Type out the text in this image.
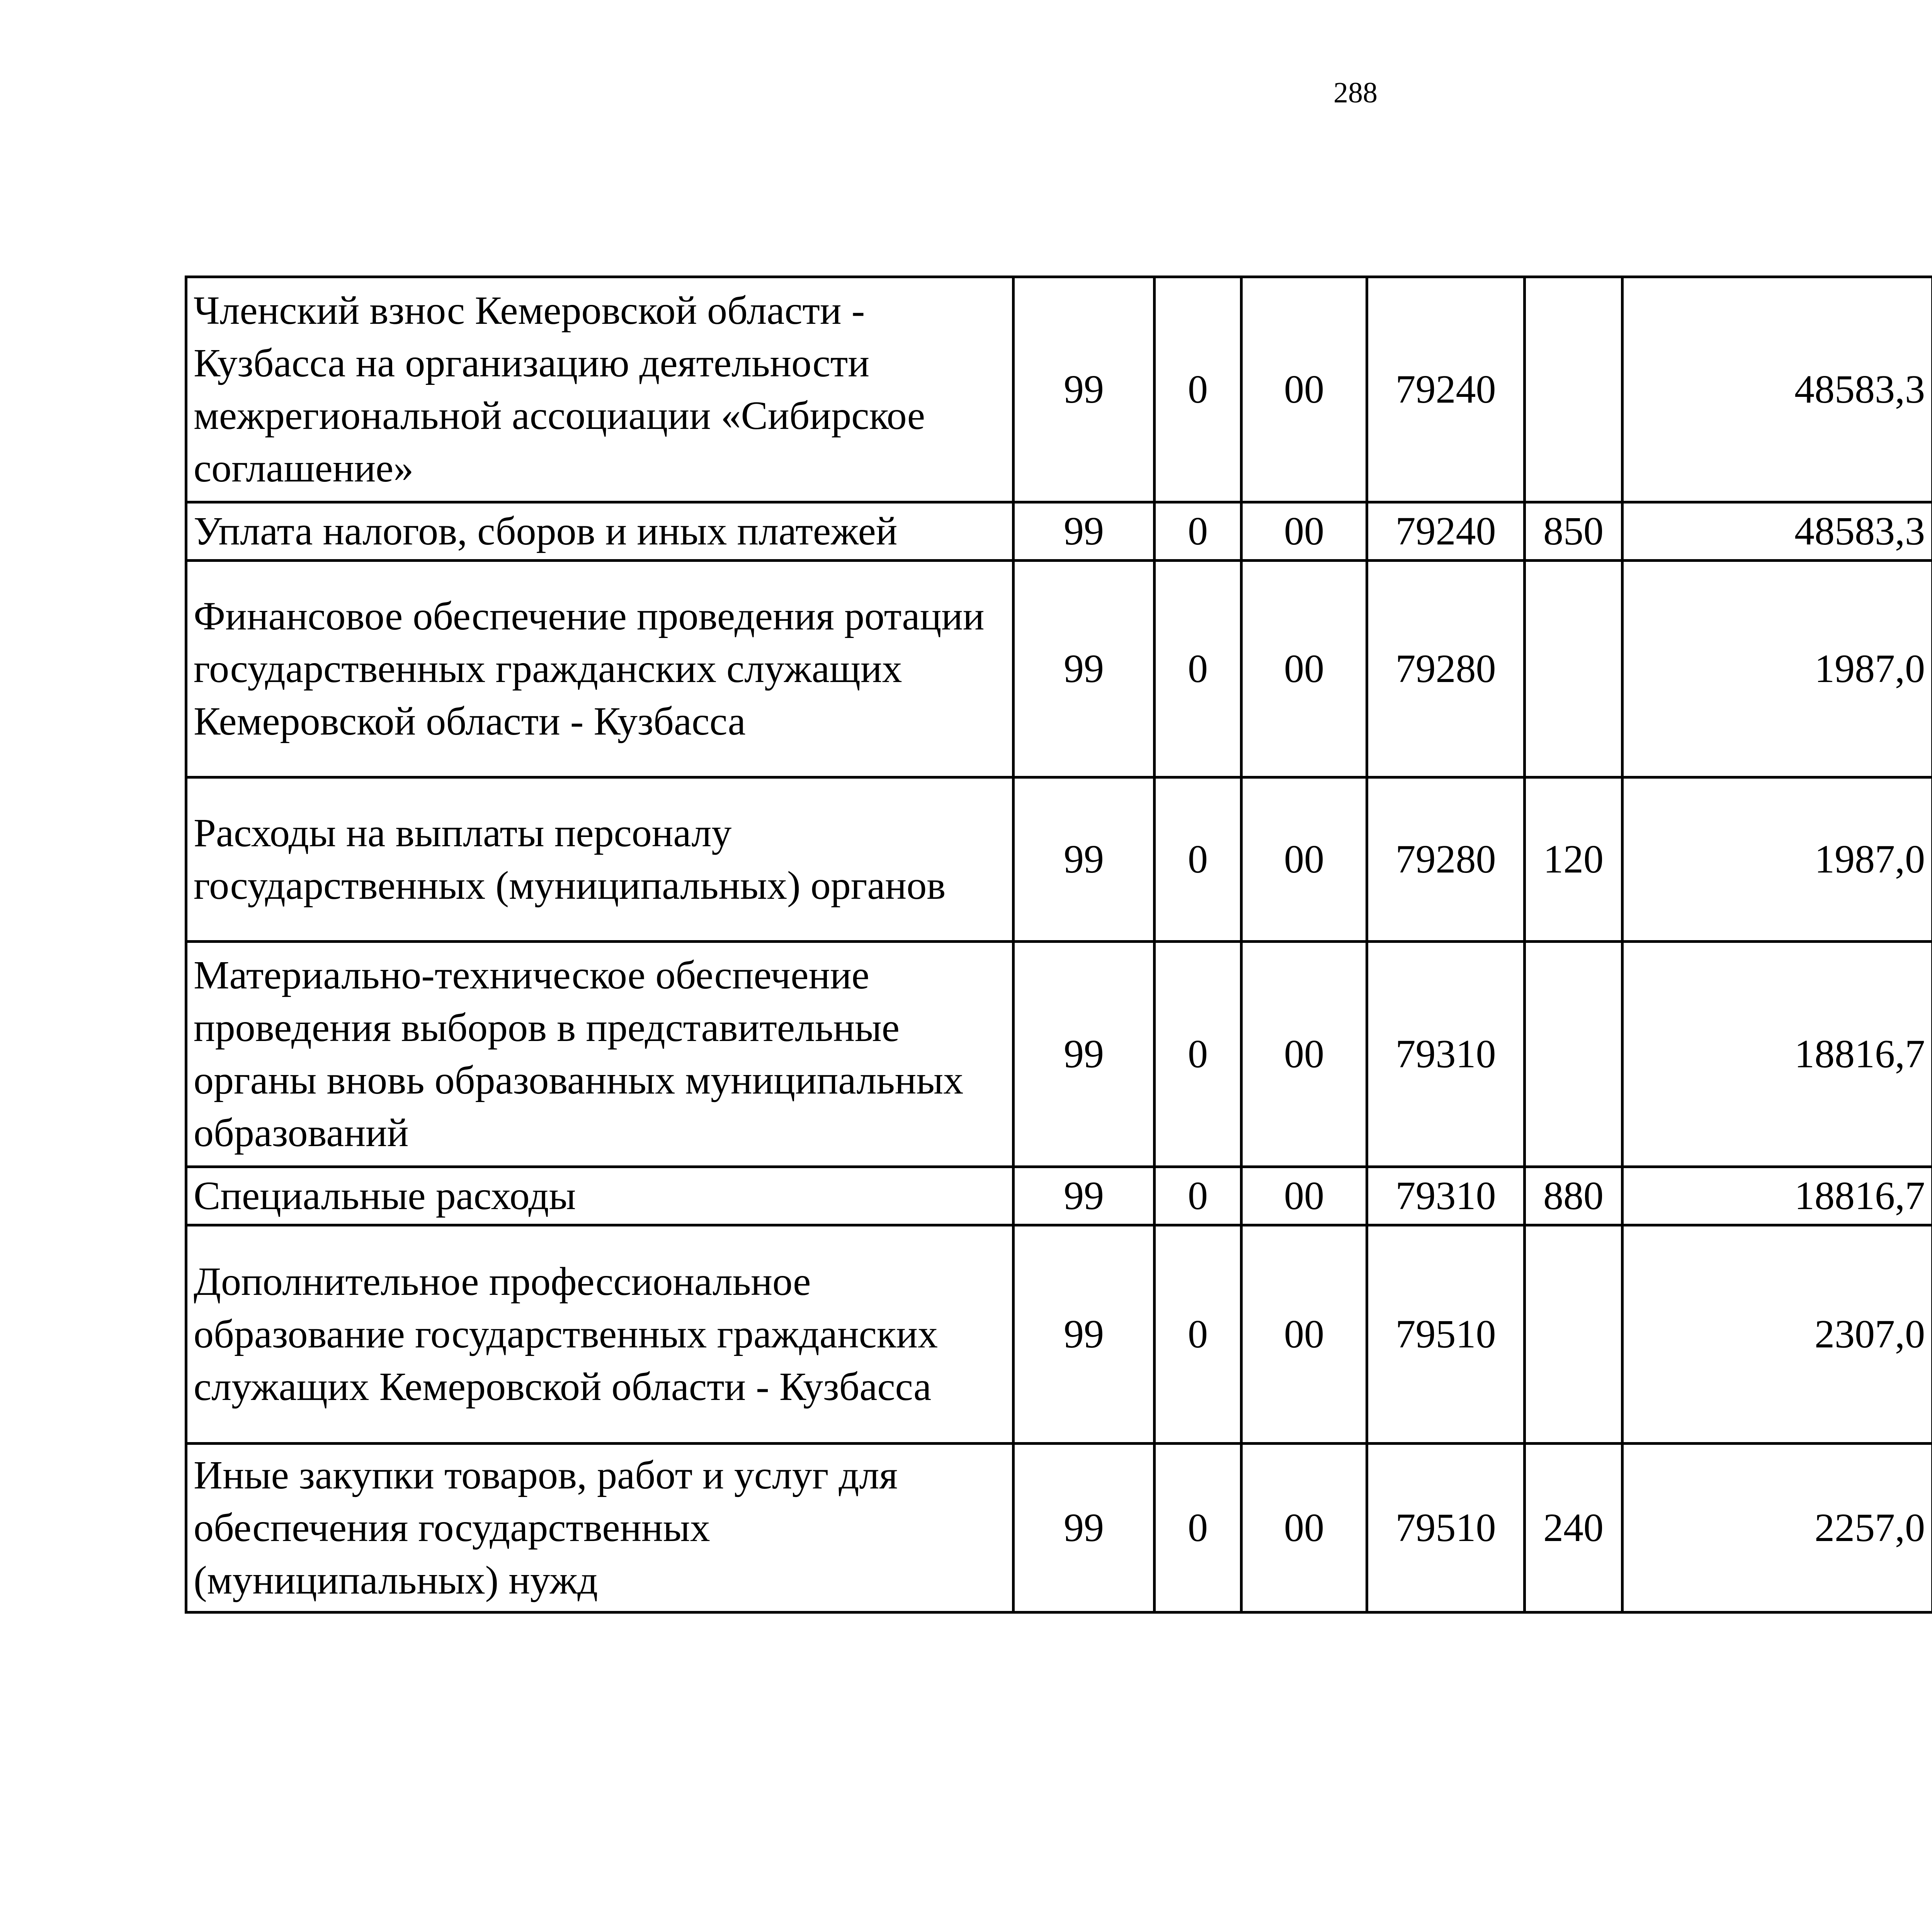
288
Членский взнос Кемеровской области - Кузбасса на организацию деятельности межрегиональной ассоциации «Сибирское соглашение»	99	0	00	79240		48583,3		
Уплата налогов, сборов и иных платежей	99	0	00	79240	850	48583,3		
Финансовое обеспечение проведения ротации государственных гражданских служащих Кемеровской области - Кузбасса	99	0	00	79280		1987,0		
Расходы на выплаты персоналу государственных (муниципальных) органов	99	0	00	79280	120	1987,0		
Материально-техническое обеспечение проведения выборов в представительные органы вновь образованных муниципальных образований	99	0	00	79310		18816,7		
Специальные расходы	99	0	00	79310	880	18816,7		
Дополнительное профессиональное образование государственных гражданских служащих Кемеровской области - Кузбасса	99	0	00	79510		2307,0		
Иные закупки товаров, работ и услуг для обеспечения государственных (муниципальных) нужд	99	0	00	79510	240	2257,0		
